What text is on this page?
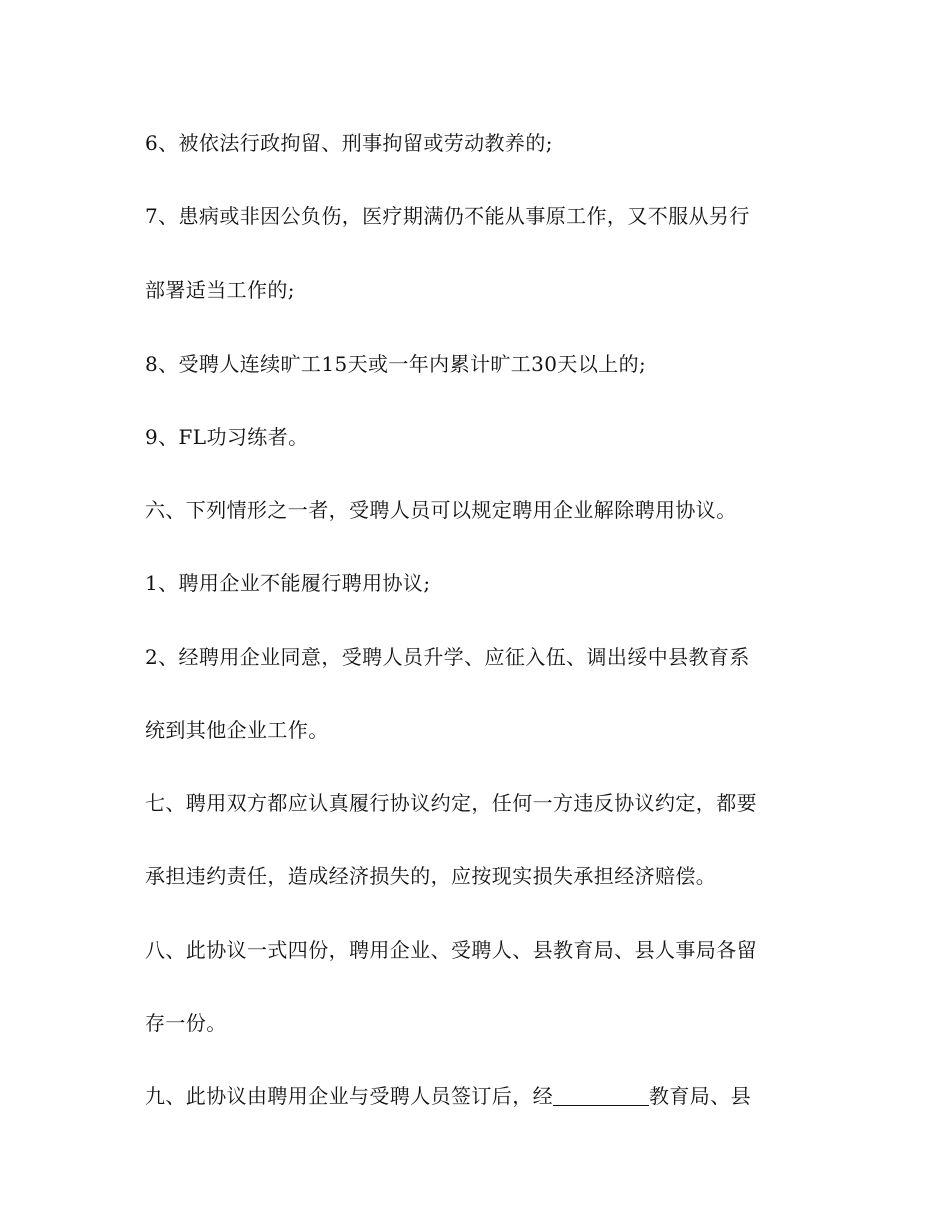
6、被依法行政拘留、刑事拘留或劳动教养的;
7、患病或非因公负伤，医疗期满仍不能从事原工作，又不服从另行
部署适当工作的;
8、受聘人连续旷工15天或一年内累计旷工30天以上的;
9、FL功习练者。
六、下列情形之一者，受聘人员可以规定聘用企业解除聘用协议。
1、聘用企业不能履行聘用协议;
2、经聘用企业同意，受聘人员升学、应征入伍、调出绥中县教育系
统到其他企业工作。
七、聘用双方都应认真履行协议约定，任何一方违反协议约定，都要
承担违约责任，造成经济损失的，应按现实损失承担经济赔偿。
八、此协议一式四份，聘用企业、受聘人、县教育局、县人事局各留
存一份。
九、此协议由聘用企业与受聘人员签订后，经	教育局、县
